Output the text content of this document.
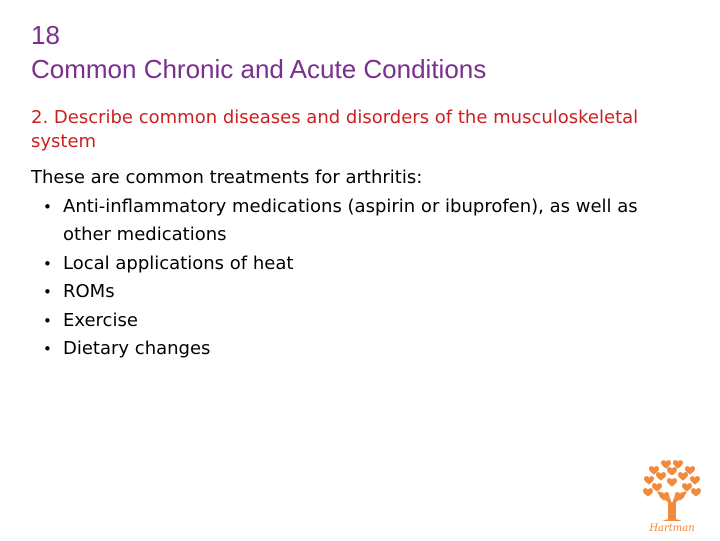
18
Common Chronic and Acute Conditions
2. Describe common diseases and disorders of the musculoskeletal system

These are common treatments for arthritis:

• Anti-inflammatory medications (aspirin or ibuprofen), as well as other medications
• Local applications of heat
• ROMs
• Exercise
• Dietary changes
Hartman
